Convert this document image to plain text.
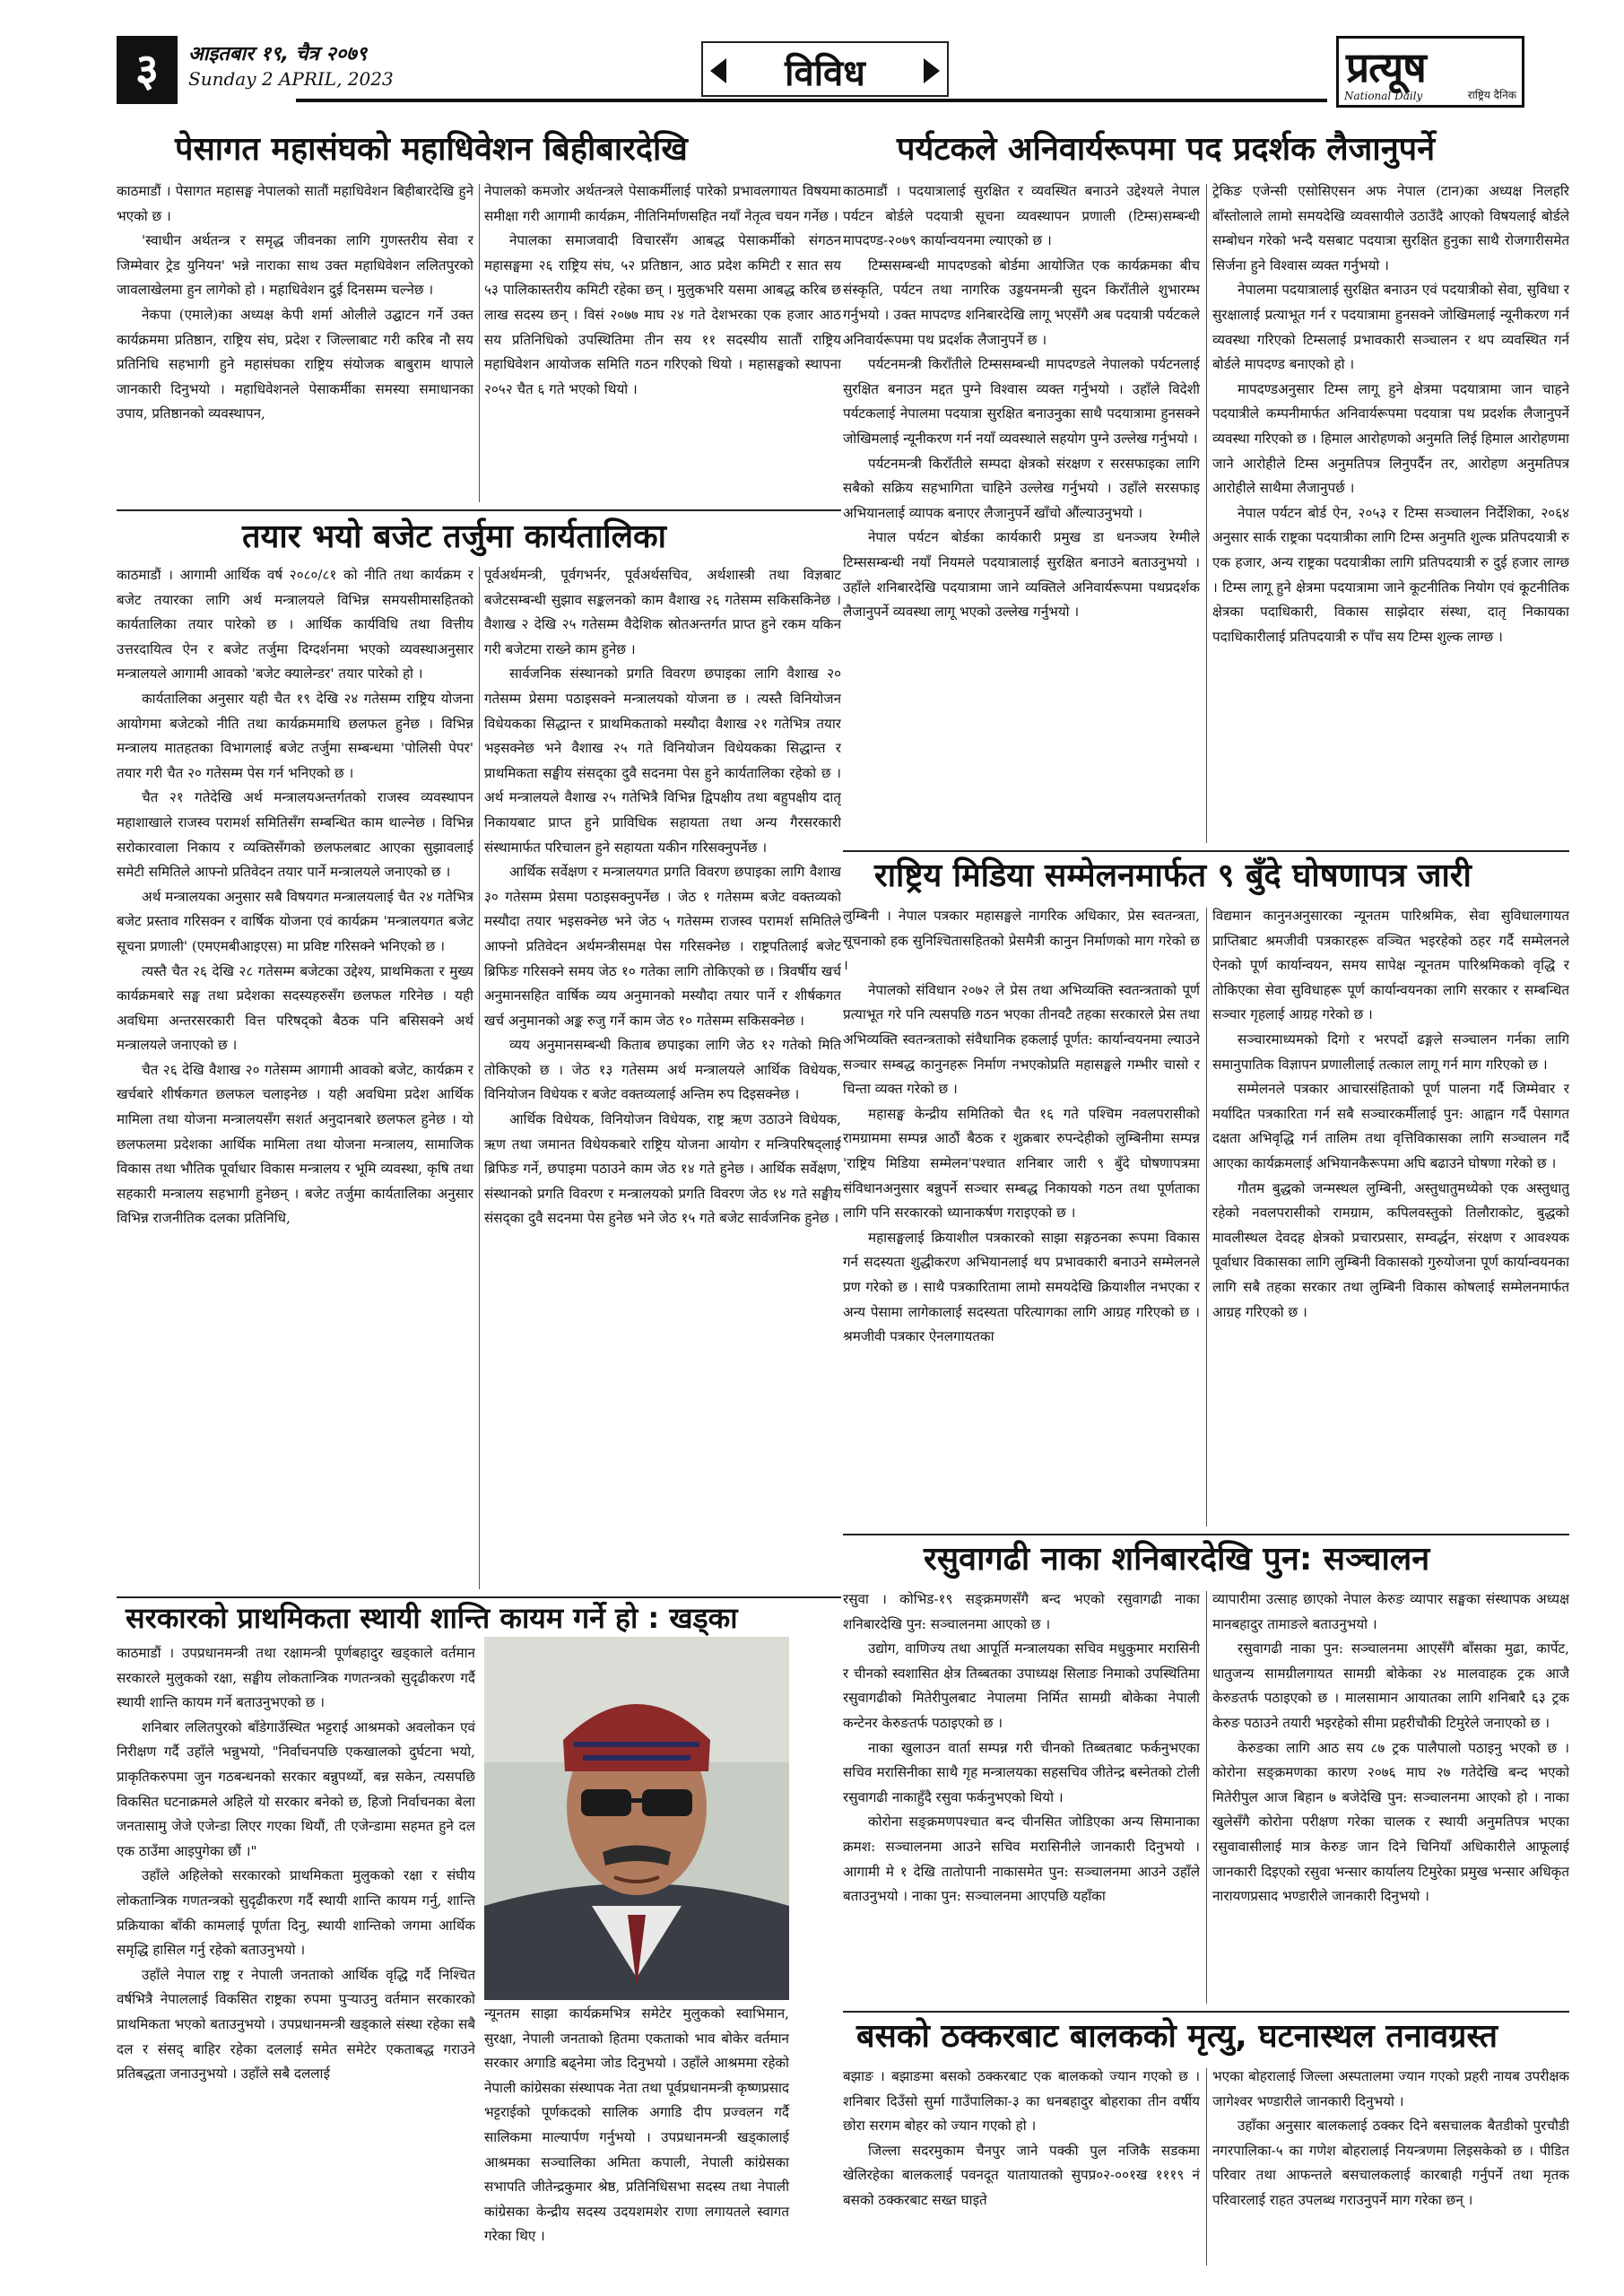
३	आइतबार १९, चैत्र २०७९
Sunday 2 APRIL, 2023	विविध	प्रत्यूष
National Daily	राष्ट्रिय दैनिक
पेसागत महासंघको महाधिवेशन बिहीबारदेखि

काठमाडौं । पेसागत महासङ्घ नेपालको सातौं महाधिवेशन बिहीबारदेखि हुने भएको छ ।

'स्वाधीन अर्थतन्त्र र समृद्ध जीवनका लागि गुणस्तरीय सेवा र जिम्मेवार ट्रेड युनियन' भन्ने नाराका साथ उक्त महाधिवेशन ललितपुरको जावलाखेलमा हुन लागेको हो । महाधिवेशन दुई दिनसम्म चल्नेछ ।

नेकपा (एमाले)का अध्यक्ष केपी शर्मा ओलीले उद्घाटन गर्ने उक्त कार्यक्रममा प्रतिष्ठान, राष्ट्रिय संघ, प्रदेश र जिल्लाबाट गरी करिब नौ सय प्रतिनिधि सहभागी हुने महासंघका राष्ट्रिय संयोजक बाबुराम थापाले जानकारी दिनुभयो । महाधिवेशनले पेसाकर्मीका समस्या समाधानका उपाय, प्रतिष्ठानको व्यवस्थापन,

नेपालको कमजोर अर्थतन्त्रले पेसाकर्मीलाई पारेको प्रभावलगायत विषयमा समीक्षा गरी आगामी कार्यक्रम, नीतिनिर्माणसहित नयाँ नेतृत्व चयन गर्नेछ ।

नेपालका समाजवादी विचारसँग आबद्ध पेसाकर्मीको संगठन महासङ्घमा २६ राष्ट्रिय संघ, ५२ प्रतिष्ठान, आठ प्रदेश कमिटी र सात सय ५३ पालिकास्तरीय कमिटी रहेका छन् । मुलुकभरि यसमा आबद्ध करिब छ लाख सदस्य छन् । विसं २०७७ माघ २४ गते देशभरका एक हजार आठ सय प्रतिनिधिको उपस्थितिमा तीन सय ११ सदस्यीय सातौं राष्ट्रिय महाधिवेशन आयोजक समिति गठन गरिएको थियो । महासङ्घको स्थापना २०५२ चैत ६ गते भएको थियो ।

तयार भयो बजेट तर्जुमा कार्यतालिका

काठमाडौं । आगामी आर्थिक वर्ष २०८०/८१ को नीति तथा कार्यक्रम र बजेट तयारका लागि अर्थ मन्त्रालयले विभिन्न समयसीमासहितको कार्यतालिका तयार पारेको छ । आर्थिक कार्यविधि तथा वित्तीय उत्तरदायित्व ऐन र बजेट तर्जुमा दिग्दर्शनमा भएको व्यवस्थाअनुसार मन्त्रालयले आगामी आवको 'बजेट क्यालेन्डर' तयार पारेको हो ।

कार्यतालिका अनुसार यही चैत १९ देखि २४ गतेसम्म राष्ट्रिय योजना आयोगमा बजेटको नीति तथा कार्यक्रममाथि छलफल हुनेछ । विभिन्न मन्त्रालय मातहतका विभागलाई बजेट तर्जुमा सम्बन्धमा 'पोलिसी पेपर' तयार गरी चैत २० गतेसम्म पेस गर्न भनिएको छ ।

चैत २१ गतेदेखि अर्थ मन्त्रालयअन्तर्गतको राजस्व व्यवस्थापन महाशाखाले राजस्व परामर्श समितिसँग सम्बन्धित काम थाल्नेछ । विभिन्न सरोकारवाला निकाय र व्यक्तिसँगको छलफलबाट आएका सुझावलाई समेटी समितिले आफ्नो प्रतिवेदन तयार पार्ने मन्त्रालयले जनाएको छ ।

अर्थ मन्त्रालयका अनुसार सबै विषयगत मन्त्रालयलाई चैत २४ गतेभित्र बजेट प्रस्ताव गरिसक्न र वार्षिक योजना एवं कार्यक्रम 'मन्त्रालयगत बजेट सूचना प्रणाली' (एमएमबीआइएस) मा प्रविष्ट गरिसक्ने भनिएको छ ।

त्यस्तै चैत २६ देखि २८ गतेसम्म बजेटका उद्देश्य, प्राथमिकता र मुख्य कार्यक्रमबारे सङ्घ तथा प्रदेशका सदस्यहरुसँग छलफल गरिनेछ । यही अवधिमा अन्तरसरकारी वित्त परिषद्को बैठक पनि बसिसक्ने अर्थ मन्त्रालयले जनाएको छ ।

चैत २६ देखि वैशाख २० गतेसम्म आगामी आवको बजेट, कार्यक्रम र खर्चबारे शीर्षकगत छलफल चलाइनेछ । यही अवधिमा प्रदेश आर्थिक मामिला तथा योजना मन्त्रालयसँग सशर्त अनुदानबारे छलफल हुनेछ । यो छलफलमा प्रदेशका आर्थिक मामिला तथा योजना मन्त्रालय, सामाजिक विकास तथा भौतिक पूर्वाधार विकास मन्त्रालय र भूमि व्यवस्था, कृषि तथा सहकारी मन्त्रालय सहभागी हुनेछन् । बजेट तर्जुमा कार्यतालिका अनुसार विभिन्न राजनीतिक दलका प्रतिनिधि,

पूर्वअर्थमन्त्री, पूर्वगभर्नर, पूर्वअर्थसचिव, अर्थशास्त्री तथा विज्ञबाट बजेटसम्बन्धी सुझाव सङ्कलनको काम वैशाख २६ गतेसम्म सकिसकिनेछ । वैशाख २ देखि २५ गतेसम्म वैदेशिक स्रोतअन्तर्गत प्राप्त हुने रकम यकिन गरी बजेटमा राख्ने काम हुनेछ ।

सार्वजनिक संस्थानको प्रगति विवरण छपाइका लागि वैशाख २० गतेसम्म प्रेसमा पठाइसक्ने मन्त्रालयको योजना छ । त्यस्तै विनियोजन विधेयकका सिद्धान्त र प्राथमिकताको मस्यौदा वैशाख २१ गतेभित्र तयार भइसक्नेछ भने वैशाख २५ गते विनियोजन विधेयकका सिद्धान्त र प्राथमिकता सङ्घीय संसद्का दुवै सदनमा पेस हुने कार्यतालिका रहेको छ । अर्थ मन्त्रालयले वैशाख २५ गतेभित्रै विभिन्न द्विपक्षीय तथा बहुपक्षीय दातृ निकायबाट प्राप्त हुने प्राविधिक सहायता तथा अन्य गैरसरकारी संस्थामार्फत परिचालन हुने सहायता यकीन गरिसक्नुपर्नेछ ।

आर्थिक सर्वेक्षण र मन्त्रालयगत प्रगति विवरण छपाइका लागि वैशाख ३० गतेसम्म प्रेसमा पठाइसक्नुपर्नेछ । जेठ १ गतेसम्म बजेट वक्तव्यको मस्यौदा तयार भइसक्नेछ भने जेठ ५ गतेसम्म राजस्व परामर्श समितिले आफ्नो प्रतिवेदन अर्थमन्त्रीसमक्ष पेस गरिसक्नेछ । राष्ट्रपतिलाई बजेट ब्रिफिङ गरिसक्ने समय जेठ १० गतेका लागि तोकिएको छ । त्रिवर्षीय खर्च अनुमानसहित वार्षिक व्यय अनुमानको मस्यौदा तयार पार्ने र शीर्षकगत खर्च अनुमानको अङ्क रुजु गर्ने काम जेठ १० गतेसम्म सकिसक्नेछ ।

व्यय अनुमानसम्बन्धी किताब छपाइका लागि जेठ १२ गतेको मिति तोकिएको छ । जेठ १३ गतेसम्म अर्थ मन्त्रालयले आर्थिक विधेयक, विनियोजन विधेयक र बजेट वक्तव्यलाई अन्तिम रुप दिइसक्नेछ ।

आर्थिक विधेयक, विनियोजन विधेयक, राष्ट्र ऋण उठाउने विधेयक, ऋण तथा जमानत विधेयकबारे राष्ट्रिय योजना आयोग र मन्त्रिपरिषद्लाई ब्रिफिङ गर्ने, छपाइमा पठाउने काम जेठ १४ गते हुनेछ । आर्थिक सर्वेक्षण, संस्थानको प्रगति विवरण र मन्त्रालयको प्रगति विवरण जेठ १४ गते सङ्घीय संसद्का दुवै सदनमा पेस हुनेछ भने जेठ १५ गते बजेट सार्वजनिक हुनेछ ।

सरकारको प्राथमिकता स्थायी शान्ति कायम गर्ने हो : खड्का

काठमाडौं । उपप्रधानमन्त्री तथा रक्षामन्त्री पूर्णबहादुर खड्काले वर्तमान सरकारले मुलुकको रक्षा, सङ्घीय लोकतान्त्रिक गणतन्त्रको सुदृढीकरण गर्दै स्थायी शान्ति कायम गर्ने बताउनुभएको छ ।

शनिबार ललितपुरको बाँडेगाउँस्थित भट्टराई आश्रमको अवलोकन एवं निरीक्षण गर्दै उहाँले भन्नुभयो, "निर्वाचनपछि एकखालको दुर्घटना भयो, प्राकृतिकरुपमा जुन गठबन्धनको सरकार बन्नुपर्थ्यो, बन्न सकेन, त्यसपछि विकसित घटनाक्रमले अहिले यो सरकार बनेको छ, हिजो निर्वाचनका बेला जनतासामु जेजे एजेन्डा लिएर गएका थियौं, ती एजेन्डामा सहमत हुने दल एक ठाउँमा आइपुगेका छौं ।"

उहाँले अहिलेको सरकारको प्राथमिकता मुलुकको रक्षा र संघीय लोकतान्त्रिक गणतन्त्रको सुदृढीकरण गर्दै स्थायी शान्ति कायम गर्नु, शान्ति प्रक्रियाका बाँकी कामलाई पूर्णता दिनु, स्थायी शान्तिको जगमा आर्थिक समृद्धि हासिल गर्नु रहेको बताउनुभयो ।

उहाँले नेपाल राष्ट्र र नेपाली जनताको आर्थिक वृद्धि गर्दै निश्चित वर्षभित्रै नेपाललाई विकसित राष्ट्रका रुपमा पुर्‍याउनु वर्तमान सरकारको प्राथमिकता भएको बताउनुभयो । उपप्रधानमन्त्री खड्काले संस्था रहेका सबै दल र संसद् बाहिर रहेका दललाई समेत समेटेर एकताबद्ध गराउने प्रतिबद्धता जनाउनुभयो । उहाँले सबै दललाई

न्यूनतम साझा कार्यक्रमभित्र समेटेर मुलुकको स्वाभिमान, सुरक्षा, नेपाली जनताको हितमा एकताको भाव बोकेर वर्तमान सरकार अगाडि बढ्नेमा जोड दिनुभयो । उहाँले आश्रममा रहेको नेपाली कांग्रेसका संस्थापक नेता तथा पूर्वप्रधानमन्त्री कृष्णप्रसाद भट्टराईको पूर्णकदको सालिक अगाडि दीप प्रज्वलन गर्दै सालिकमा माल्यार्पण गर्नुभयो । उपप्रधानमन्त्री खड्कालाई आश्रमका सञ्चालिका अमिता कपाली, नेपाली कांग्रेसका सभापति जीतेन्द्रकुमार श्रेष्ठ, प्रतिनिधिसभा सदस्य तथा नेपाली कांग्रेसका केन्द्रीय सदस्य उदयशमशेर राणा लगायतले स्वागत गरेका थिए ।
पर्यटकले अनिवार्यरूपमा पद प्रदर्शक लैजानुपर्ने

काठमाडौं । पदयात्रालाई सुरक्षित र व्यवस्थित बनाउने उद्देश्यले नेपाल पर्यटन बोर्डले पदयात्री सूचना व्यवस्थापन प्रणाली (टिम्स)सम्बन्धी मापदण्ड-२०७९ कार्यान्वयनमा ल्याएको छ ।

टिम्ससम्बन्धी मापदण्डको बोर्डमा आयोजित एक कार्यक्रमका बीच संस्कृति, पर्यटन तथा नागरिक उड्डयनमन्त्री सुदन किराँतीले शुभारम्भ गर्नुभयो । उक्त मापदण्ड शनिबारदेखि लागू भएसँगै अब पदयात्री पर्यटकले अनिवार्यरूपमा पथ प्रदर्शक लैजानुपर्ने छ ।

पर्यटनमन्त्री किराँतीले टिम्ससम्बन्धी मापदण्डले नेपालको पर्यटनलाई सुरक्षित बनाउन मद्दत पुग्ने विश्वास व्यक्त गर्नुभयो । उहाँले विदेशी पर्यटकलाई नेपालमा पदयात्रा सुरक्षित बनाउनुका साथै पदयात्रामा हुनसक्ने जोखिमलाई न्यूनीकरण गर्न नयाँ व्यवस्थाले सहयोग पुग्ने उल्लेख गर्नुभयो ।

पर्यटनमन्त्री किराँतीले सम्पदा क्षेत्रको संरक्षण र सरसफाइका लागि सबैको सक्रिय सहभागिता चाहिने उल्लेख गर्नुभयो । उहाँले सरसफाइ अभियानलाई व्यापक बनाएर लैजानुपर्ने खाँचो औंल्याउनुभयो ।

नेपाल पर्यटन बोर्डका कार्यकारी प्रमुख डा धनञ्जय रेग्मीले टिम्ससम्बन्धी नयाँ नियमले पदयात्रालाई सुरक्षित बनाउने बताउनुभयो । उहाँले शनिबारदेखि पदयात्रामा जाने व्यक्तिले अनिवार्यरूपमा पथप्रदर्शक लैजानुपर्ने व्यवस्था लागू भएको उल्लेख गर्नुभयो ।

ट्रेकिङ एजेन्सी एसोसिएसन अफ नेपाल (टान)का अध्यक्ष निलहरि बाँस्तोलाले लामो समयदेखि व्यवसायीले उठाउँदै आएको विषयलाई बोर्डले सम्बोधन गरेको भन्दै यसबाट पदयात्रा सुरक्षित हुनुका साथै रोजगारीसमेत सिर्जना हुने विश्वास व्यक्त गर्नुभयो ।

नेपालमा पदयात्रालाई सुरक्षित बनाउन एवं पदयात्रीको सेवा, सुविधा र सुरक्षालाई प्रत्याभूत गर्न र पदयात्रामा हुनसक्ने जोखिमलाई न्यूनीकरण गर्न व्यवस्था गरिएको टिम्सलाई प्रभावकारी सञ्चालन र थप व्यवस्थित गर्न बोर्डले मापदण्ड बनाएको हो ।

मापदण्डअनुसार टिम्स लागू हुने क्षेत्रमा पदयात्रामा जान चाहने पदयात्रीले कम्पनीमार्फत अनिवार्यरूपमा पदयात्रा पथ प्रदर्शक लैजानुपर्ने व्यवस्था गरिएको छ । हिमाल आरोहणको अनुमति लिई हिमाल आरोहणमा जाने आरोहीले टिम्स अनुमतिपत्र लिनुपर्दैन तर, आरोहण अनुमतिपत्र आरोहीले साथैमा लैजानुपर्छ ।

नेपाल पर्यटन बोर्ड ऐन, २०५३ र टिम्स सञ्चालन निर्देशिका, २०६४ अनुसार सार्क राष्ट्रका पदयात्रीका लागि टिम्स अनुमति शुल्क प्रतिपदयात्री रु एक हजार, अन्य राष्ट्रका पदयात्रीका लागि प्रतिपदयात्री रु दुई हजार लाग्छ । टिम्स लागू हुने क्षेत्रमा पदयात्रामा जाने कूटनीतिक नियोग एवं कूटनीतिक क्षेत्रका पदाधिकारी, विकास साझेदार संस्था, दातृ निकायका पदाधिकारीलाई प्रतिपदयात्री रु पाँच सय टिम्स शुल्क लाग्छ ।

राष्ट्रिय मिडिया सम्मेलनमार्फत ९ बुँदे घोषणापत्र जारी

लुम्बिनी । नेपाल पत्रकार महासङ्घले नागरिक अधिकार, प्रेस स्वतन्त्रता, सूचनाको हक सुनिश्चितासहितको प्रेसमैत्री कानुन निर्माणको माग गरेको छ ।

नेपालको संविधान २०७२ ले प्रेस तथा अभिव्यक्ति स्वतन्त्रताको पूर्ण प्रत्याभूत गरे पनि त्यसपछि गठन भएका तीनवटै तहका सरकारले प्रेस तथा अभिव्यक्ति स्वतन्त्रताको संवैधानिक हकलाई पूर्णत: कार्यान्वयनमा ल्याउने सञ्चार सम्बद्ध कानुनहरू निर्माण नभएकोप्रति महासङ्घले गम्भीर चासो र चिन्ता व्यक्त गरेको छ ।

महासङ्घ केन्द्रीय समितिको चैत १६ गते पश्चिम नवलपरासीको रामग्राममा सम्पन्न आठौं बैठक र शुक्रबार रुपन्देहीको लुम्बिनीमा सम्पन्न 'राष्ट्रिय मिडिया सम्मेलन'पश्चात शनिबार जारी ९ बुँदे घोषणापत्रमा संविधानअनुसार बन्नुपर्ने सञ्चार सम्बद्ध निकायको गठन तथा पूर्णताका लागि पनि सरकारको ध्यानाकर्षण गराइएको छ ।

महासङ्घलाई क्रियाशील पत्रकारको साझा सङ्गठनका रूपमा विकास गर्न सदस्यता शुद्धीकरण अभियानलाई थप प्रभावकारी बनाउने सम्मेलनले प्रण गरेको छ । साथै पत्रकारितामा लामो समयदेखि क्रियाशील नभएका र अन्य पेसामा लागेकालाई सदस्यता परित्यागका लागि आग्रह गरिएको छ । श्रमजीवी पत्रकार ऐनलगायतका

विद्यमान कानुनअनुसारका न्यूनतम पारिश्रमिक, सेवा सुविधालगायत प्राप्तिबाट श्रमजीवी पत्रकारहरू वञ्चित भइरहेको ठहर गर्दै सम्मेलनले ऐनको पूर्ण कार्यान्वयन, समय सापेक्ष न्यूनतम पारिश्रमिकको वृद्धि र तोकिएका सेवा सुविधाहरू पूर्ण कार्यान्वयनका लागि सरकार र सम्बन्धित सञ्चार गृहलाई आग्रह गरेको छ ।

सञ्चारमाध्यमको दिगो र भरपर्दो ढङ्गले सञ्चालन गर्नका लागि समानुपातिक विज्ञापन प्रणालीलाई तत्काल लागू गर्न माग गरिएको छ ।

सम्मेलनले पत्रकार आचारसंहिताको पूर्ण पालना गर्दै जिम्मेवार र मर्यादित पत्रकारिता गर्न सबै सञ्चारकर्मीलाई पुन: आह्वान गर्दै पेसागत दक्षता अभिवृद्धि गर्न तालिम तथा वृत्तिविकासका लागि सञ्चालन गर्दै आएका कार्यक्रमलाई अभियानकैरूपमा अघि बढाउने घोषणा गरेको छ ।

गौतम बुद्धको जन्मस्थल लुम्बिनी, अस्तुधातुमध्येको एक अस्तुधातु रहेको नवलपरासीको रामग्राम, कपिलवस्तुको तिलौराकोट, बुद्धको मावलीस्थल देवदह क्षेत्रको प्रचारप्रसार, सम्वर्द्धन, संरक्षण र आवश्यक पूर्वाधार विकासका लागि लुम्बिनी विकासको गुरुयोजना पूर्ण कार्यान्वयनका लागि सबै तहका सरकार तथा लुम्बिनी विकास कोषलाई सम्मेलनमार्फत आग्रह गरिएको छ ।

रसुवागढी नाका शनिबारदेखि पुन: सञ्चालन

रसुवा । कोभिड-१९ सङ्क्रमणसँगै बन्द भएको रसुवागढी नाका शनिबारदेखि पुन: सञ्चालनमा आएको छ ।

उद्योग, वाणिज्य तथा आपूर्ति मन्त्रालयका सचिव मधुकुमार मरासिनी र चीनको स्वशासित क्षेत्र तिब्बतका उपाध्यक्ष सिलाङ निमाको उपस्थितिमा रसुवागढीको मितेरीपुलबाट नेपालमा निर्मित सामग्री बोकेका नेपाली कन्टेनर केरुङतर्फ पठाइएको छ ।

नाका खुलाउन वार्ता सम्पन्न गरी चीनको तिब्बतबाट फर्कनुभएका सचिव मरासिनीका साथै गृह मन्त्रालयका सहसचिव जीतेन्द्र बस्नेतको टोली रसुवागढी नाकाहुँदै रसुवा फर्कनुभएको थियो ।

कोरोना सङ्क्रमणपश्चात बन्द चीनसित जोडिएका अन्य सिमानाका क्रमश: सञ्चालनमा आउने सचिव मरासिनीले जानकारी दिनुभयो । आगामी मे १ देखि तातोपानी नाकासमेत पुन: सञ्चालनमा आउने उहाँले बताउनुभयो । नाका पुन: सञ्चालनमा आएपछि यहाँका

व्यापारीमा उत्साह छाएको नेपाल केरुङ व्यापार सङ्घका संस्थापक अध्यक्ष मानबहादुर तामाङले बताउनुभयो ।

रसुवागढी नाका पुन: सञ्चालनमा आएसँगै बाँसका मुढा, कार्पेट, धातुजन्य सामग्रीलगायत सामग्री बोकेका २४ मालवाहक ट्रक आजै केरुङतर्फ पठाइएको छ । मालसामान आयातका लागि शनिबारै ६३ ट्रक केरुङ पठाउने तयारी भइरहेको सीमा प्रहरीचौकी टिमुरेले जनाएको छ ।

केरुङका लागि आठ सय ८७ ट्रक पालैपालो पठाइनु भएको छ । कोरोना सङ्क्रमणका कारण २०७६ माघ २७ गतेदेखि बन्द भएको मितेरीपुल आज बिहान ७ बजेदेखि पुन: सञ्चालनमा आएको हो । नाका खुलेसँगै कोरोना परीक्षण गरेका चालक र स्थायी अनुमतिपत्र भएका रसुवावासीलाई मात्र केरुङ जान दिने चिनियाँ अधिकारीले आफूलाई जानकारी दिइएको रसुवा भन्सार कार्यालय टिमुरेका प्रमुख भन्सार अधिकृत नारायणप्रसाद भण्डारीले जानकारी दिनुभयो ।

बसको ठक्करबाट बालकको मृत्यु, घटनास्थल तनावग्रस्त

बझाङ । बझाङमा बसको ठक्करबाट एक बालकको ज्यान गएको छ । शनिबार दिउँसो सुर्मा गाउँपालिका-३ का धनबहादुर बोहराका तीन वर्षीय छोरा सरगम बोहर को ज्यान गएको हो ।

जिल्ला सदरमुकाम चैनपुर जाने पक्की पुल नजिकै सडकमा खेलिरहेका बालकलाई पवनदूत यातायातको सुपप्र०२-००१ख १११९ नं बसको ठक्करबाट सख्त घाइते

भएका बोहरालाई जिल्ला अस्पतालमा ज्यान गएको प्रहरी नायब उपरीक्षक जागेश्वर भण्डारीले जानकारी दिनुभयो ।

उहाँका अनुसार बालकलाई ठक्कर दिने बसचालक बैतडीको पुरचौडी नगरपालिका-५ का गणेश बोहरालाई नियन्त्रणमा लिइसकेको छ । पीडित परिवार तथा आफन्तले बसचालकलाई कारबाही गर्नुपर्ने तथा मृतक परिवारलाई राहत उपलब्ध गराउनुपर्ने माग गरेका छन् ।
